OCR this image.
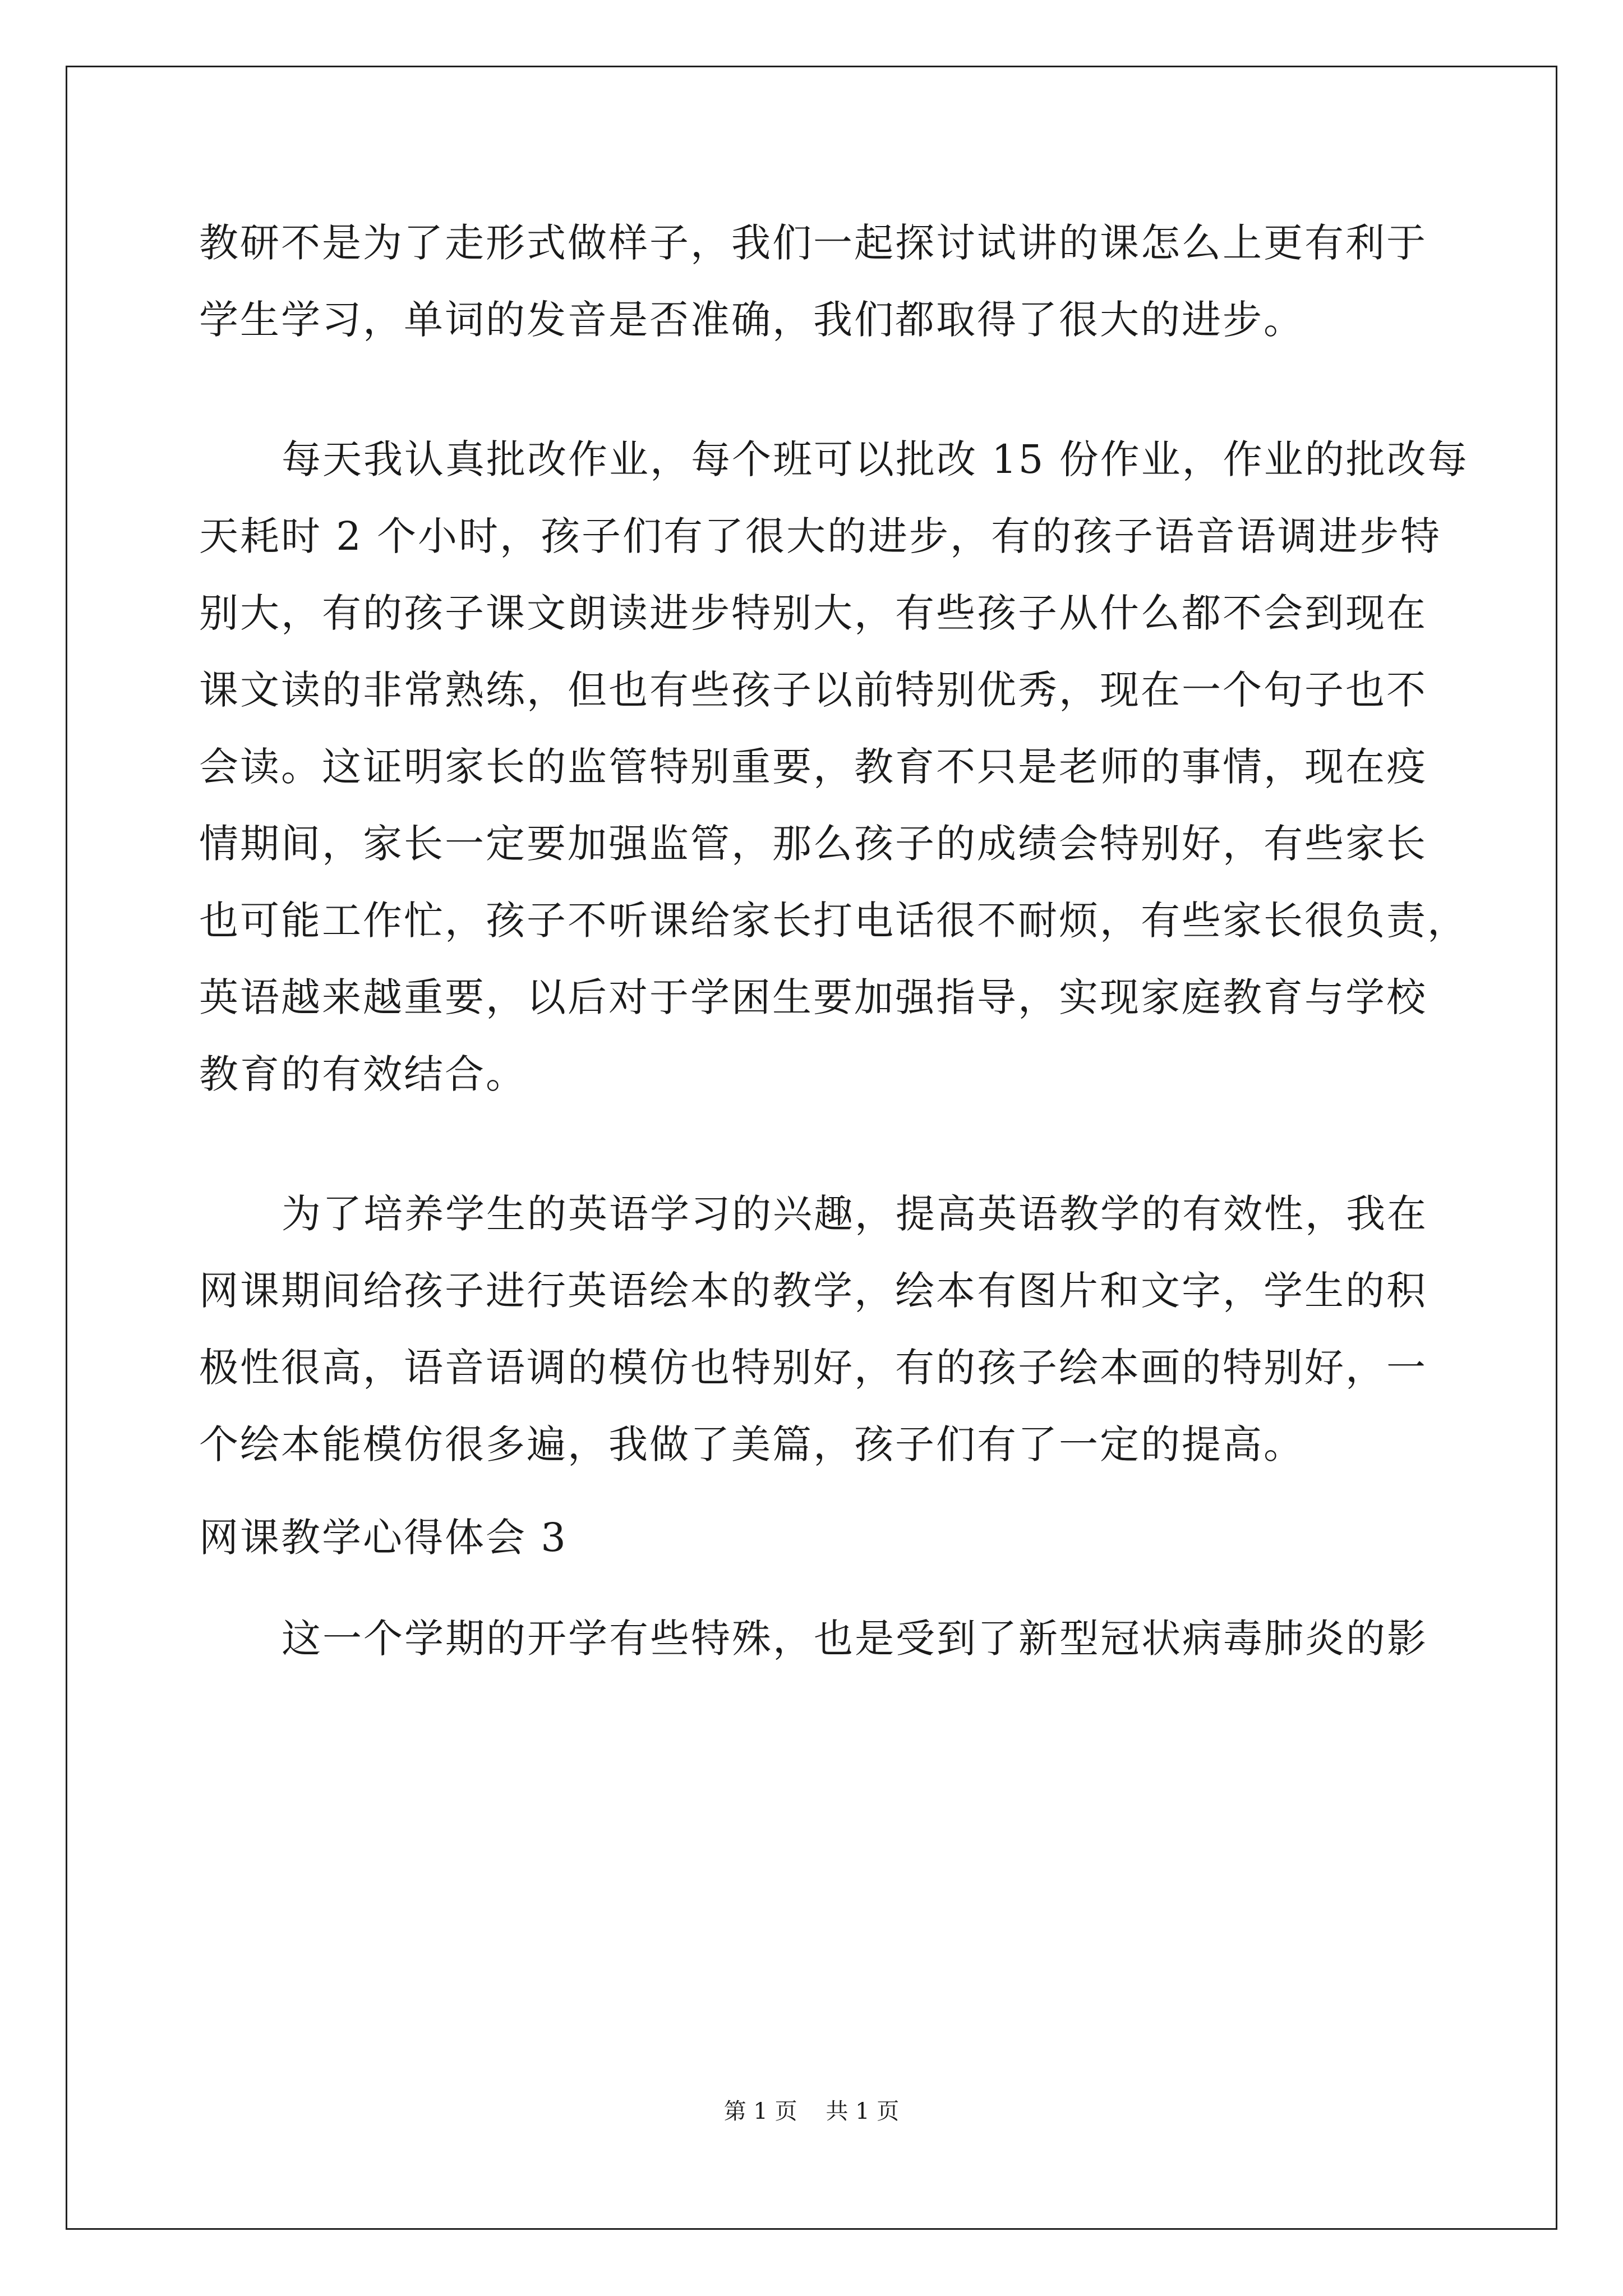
教研不是为了走形式做样子，我们一起探讨试讲的课怎么上更有利于
学生学习，单词的发音是否准确，我们都取得了很大的进步。
每天我认真批改作业，每个班可以批改 15 份作业，作业的批改每
天耗时 2 个小时，孩子们有了很大的进步，有的孩子语音语调进步特
别大，有的孩子课文朗读进步特别大，有些孩子从什么都不会到现在
课文读的非常熟练，但也有些孩子以前特别优秀，现在一个句子也不
会读。这证明家长的监管特别重要，教育不只是老师的事情，现在疫
情期间，家长一定要加强监管，那么孩子的成绩会特别好，有些家长
也可能工作忙，孩子不听课给家长打电话很不耐烦，有些家长很负责，
英语越来越重要，以后对于学困生要加强指导，实现家庭教育与学校
教育的有效结合。
为了培养学生的英语学习的兴趣，提高英语教学的有效性，我在
网课期间给孩子进行英语绘本的教学，绘本有图片和文字，学生的积
极性很高，语音语调的模仿也特别好，有的孩子绘本画的特别好，一
个绘本能模仿很多遍，我做了美篇，孩子们有了一定的提高。
网课教学心得体会 3
这一个学期的开学有些特殊，也是受到了新型冠状病毒肺炎的影
第 1 页    共 1 页
